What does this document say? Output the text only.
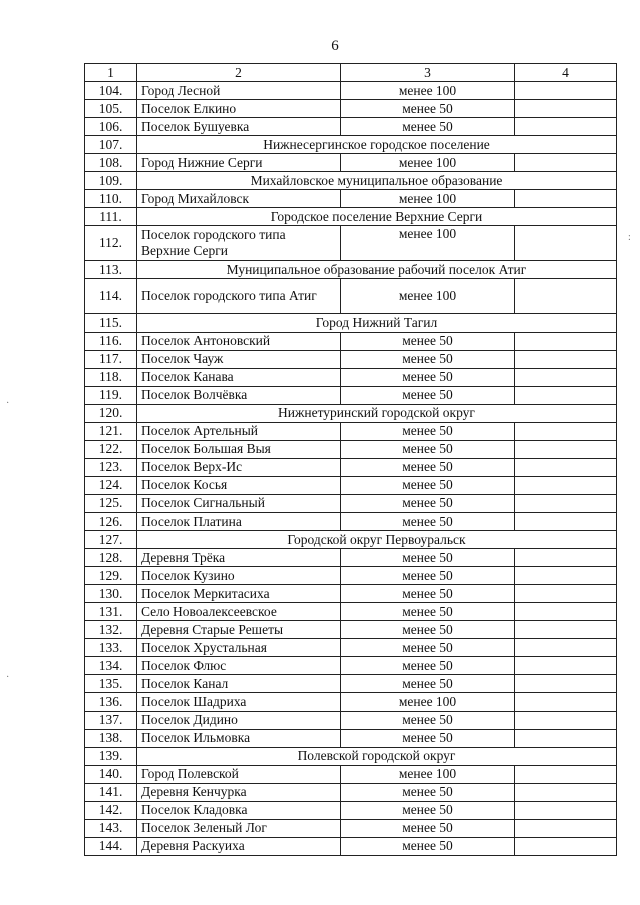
6
1	2	3	4
104.	Город Лесной	менее 100	
105.	Поселок Елкино	менее 50	
106.	Поселок Бушуевка	менее 50	
107.	Нижнесергинское городское поселение		
108.	Город Нижние Серги	менее 100	
109.	Михайловское муниципальное образование		
110.	Город Михайловск	менее 100	
111.	Городское поселение Верхние Серги		
112.	Поселок городского типа Верхние Серги	менее 100	
113.	Муниципальное образование рабочий поселок Атиг		
114.	Поселок городского типа Атиг	менее 100	
115.	Город Нижний Тагил		
116.	Поселок Антоновский	менее 50	
117.	Поселок Чауж	менее 50	
118.	Поселок Канава	менее 50	
119.	Поселок Волчёвка	менее 50	
120.	Нижнетуринский городской округ		
121.	Поселок Артельный	менее 50	
122.	Поселок Большая Выя	менее 50	
123.	Поселок Верх-Ис	менее 50	
124.	Поселок Косья	менее 50	
125.	Поселок Сигнальный	менее 50	
126.	Поселок Платина	менее 50	
127.	Городской округ Первоуральск		
128.	Деревня Трёка	менее 50	
129.	Поселок Кузино	менее 50	
130.	Поселок Меркитасиха	менее 50	
131.	Село Новоалексеевское	менее 50	
132.	Деревня Старые Решеты	менее 50	
133.	Поселок Хрустальная	менее 50	
134.	Поселок Флюс	менее 50	
135.	Поселок Канал	менее 50	
136.	Поселок Шадриха	менее 100	
137.	Поселок Дидино	менее 50	
138.	Поселок Ильмовка	менее 50	
139.	Полевской городской округ		
140.	Город Полевской	менее 100	
141.	Деревня Кенчурка	менее 50	
142.	Поселок Кладовка	менее 50	
143.	Поселок Зеленый Лог	менее 50	
144.	Деревня Раскуиха	менее 50	
:
·
·
